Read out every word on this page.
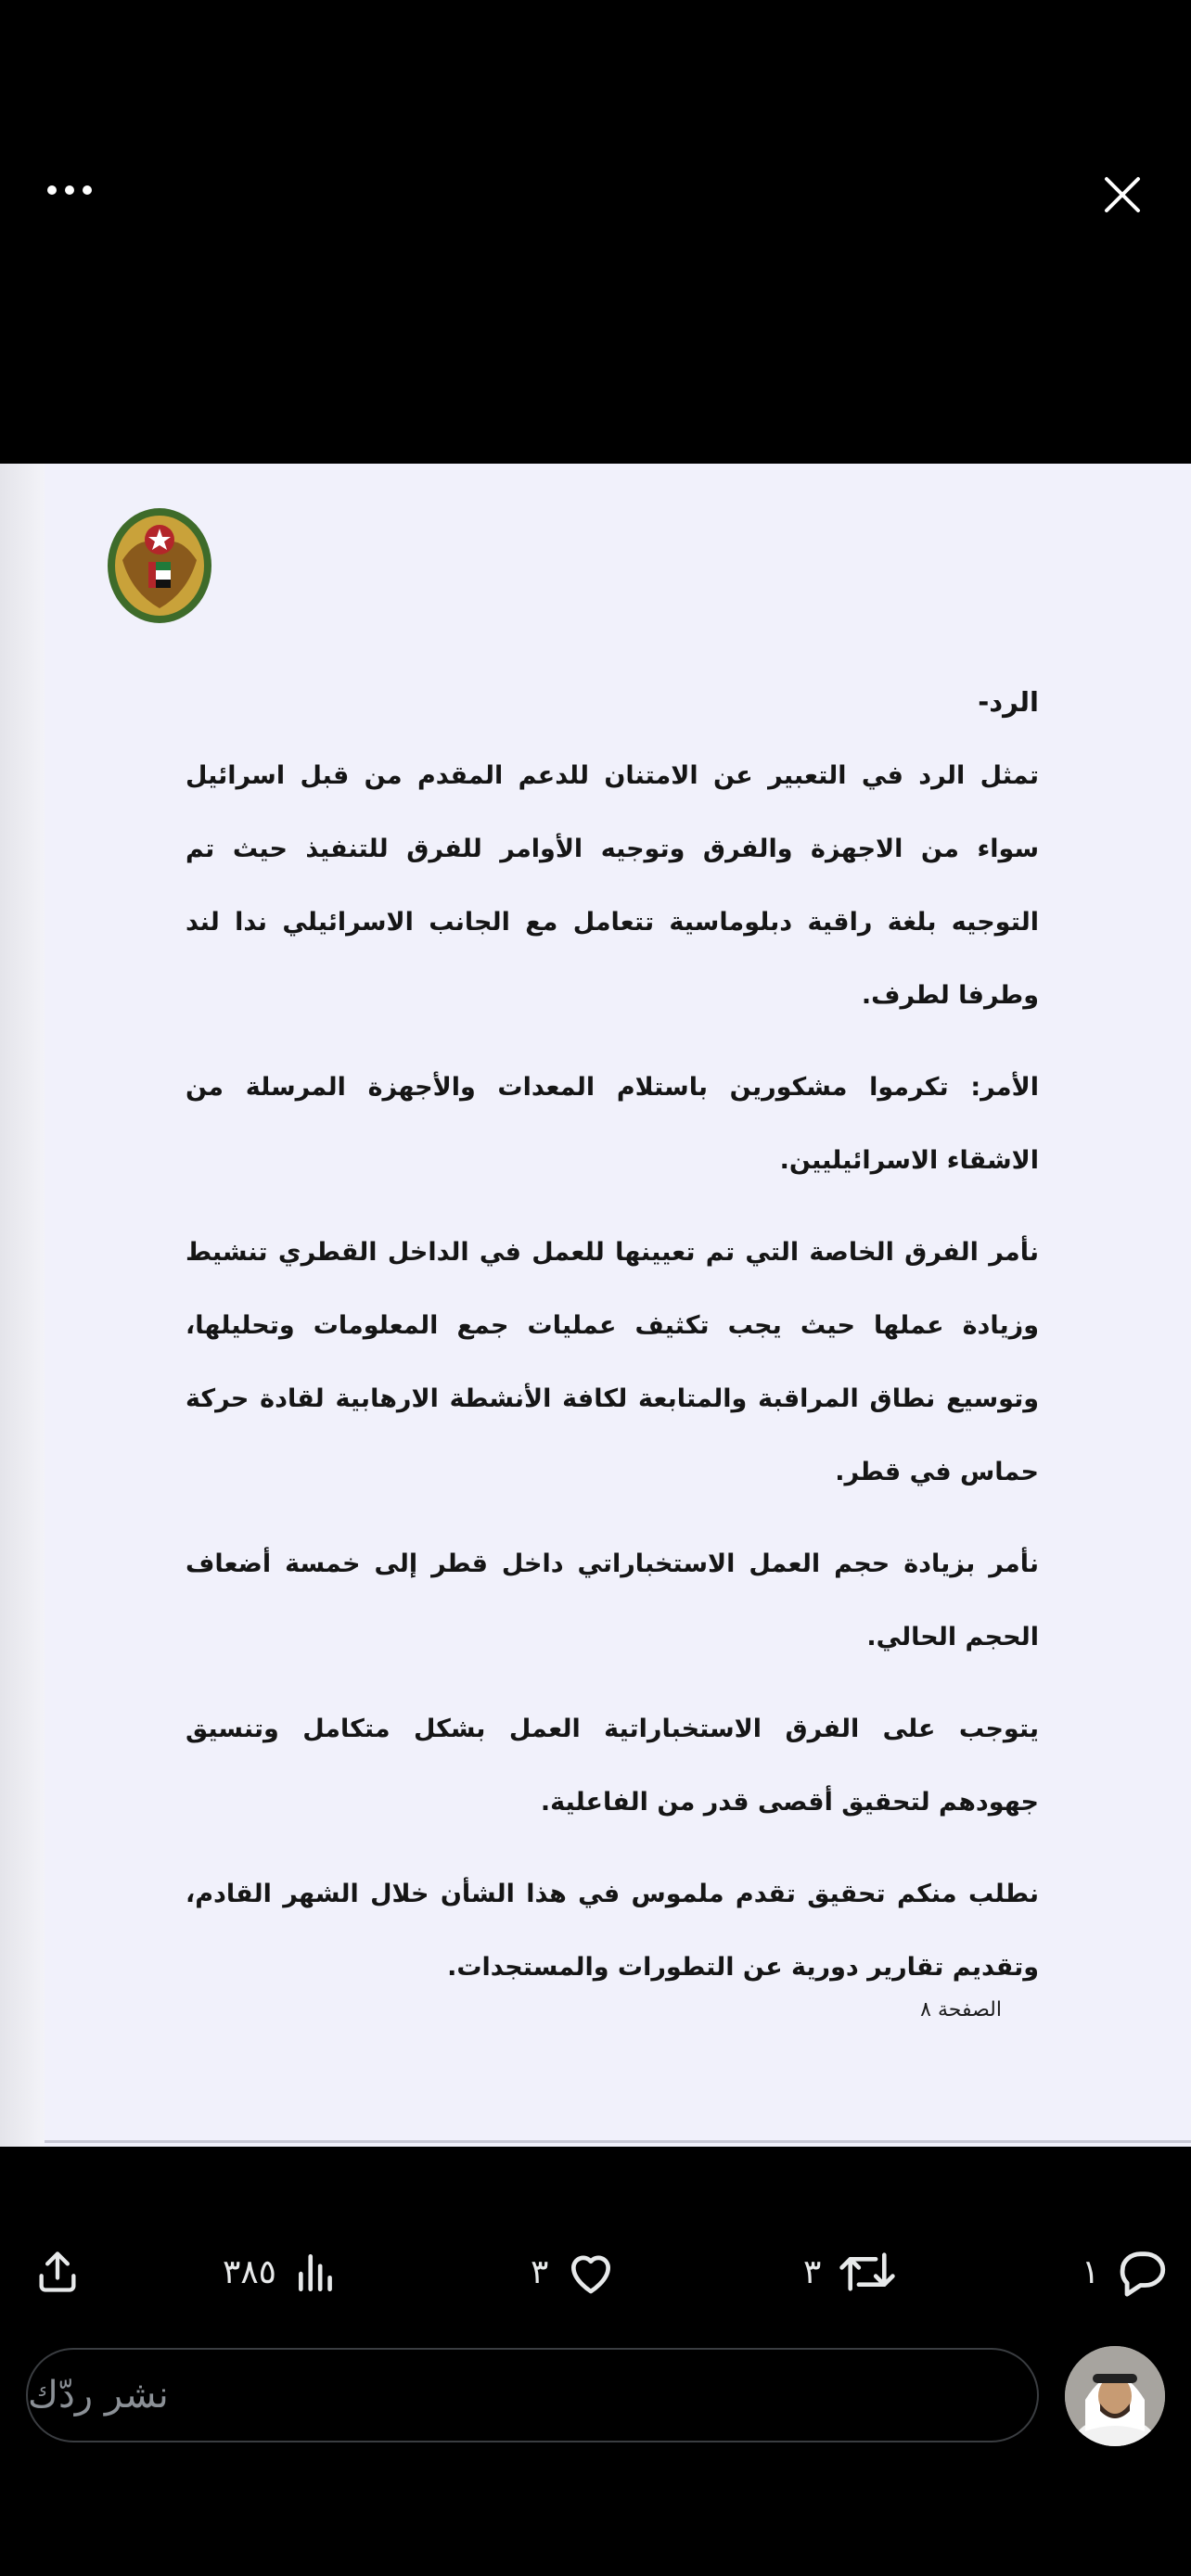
الرد-

تمثل الرد في التعبير عن الامتنان للدعم المقدم من قبل اسرائيل سواء من الاجهزة والفرق وتوجيه الأوامر للفرق للتنفيذ حيث تم التوجيه بلغة راقية دبلوماسية تتعامل مع الجانب الاسرائيلي ندا لند وطرفا لطرف.

الأمر: تكرموا مشكورين باستلام المعدات والأجهزة المرسلة من الاشقاء الاسرائيليين.

نأمر الفرق الخاصة التي تم تعيينها للعمل في الداخل القطري تنشيط وزيادة عملها حيث يجب تكثيف عمليات جمع المعلومات وتحليلها، وتوسيع نطاق المراقبة والمتابعة لكافة الأنشطة الارهابية لقادة حركة حماس في قطر.

نأمر بزيادة حجم العمل الاستخباراتي داخل قطر إلى خمسة أضعاف الحجم الحالي.

يتوجب على الفرق الاستخباراتية العمل بشكل متكامل وتنسيق جهودهم لتحقيق أقصى قدر من الفاعلية.

نطلب منكم تحقيق تقدم ملموس في هذا الشأن خلال الشهر القادم، وتقديم تقارير دورية عن التطورات والمستجدات.

الصفحة ٨
٣٨٥	٣	٣	١
نشر ردّك
